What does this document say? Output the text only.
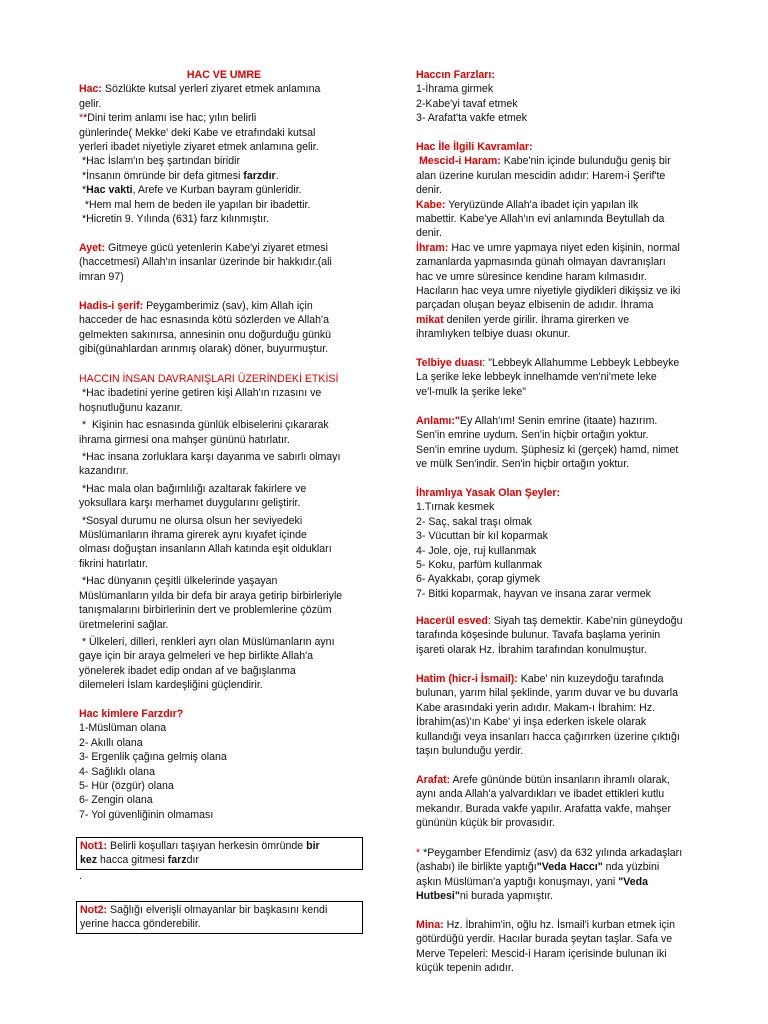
HAC VE UMRE
Hac: Sözlükte kutsal yerleri ziyaret etmek anlamına
gelir.
**Dini terim anlamı ise hac; yılın belirli
günlerinde( Mekke' deki Kabe ve etrafındaki kutsal
yerleri ibadet niyetiyle ziyaret etmek anlamına gelir.
*Hac İslam'ın beş şartından biridir
*İnsanın ömründe bir defa gitmesi farzdır.
*Hac vakti, Arefe ve Kurban bayram günleridir.
*Hem mal hem de beden ile yapılan bir ibadettir.
*Hicretin 9. Yılında (631) farz kılınmıştır.
Ayet: Gitmeye gücü yetenlerin Kabe'yi ziyaret etmesi
(haccetmesi) Allah'ın insanlar üzerinde bir hakkıdır.(ali
imran 97)
Hadis-i şerif: Peygamberimiz (sav), kim Allah için
hacceder de hac esnasında kötü sözlerden ve Allah'a
gelmekten sakınırsa, annesinin onu doğurduğu günkü
gibi(günahlardan arınmış olarak) döner, buyurmuştur.
HACCIN İNSAN DAVRANIŞLARI ÜZERİNDEKİ ETKİSİ
*Hac ibadetini yerine getiren kişi Allah'ın rızasını ve
hoşnutluğunu kazanır.
*  Kişinin hac esnasında günlük elbiselerini çıkararak
ihrama girmesi ona mahşer gününü hatırlatır.
*Hac insana zorluklara karşı dayanma ve sabırlı olmayı
kazandırır.
*Hac mala olan bağımlılığı azaltarak fakirlere ve
yoksullara karşı merhamet duygularını geliştirir.
*Sosyal durumu ne olursa olsun her seviyedeki
Müslümanların ihrama girerek aynı kıyafet içinde
olması doğuştan insanların Allah katında eşit oldukları
fikrini hatırlatır.
*Hac dünyanın çeşitli ülkelerinde yaşayan
Müslümanların yılda bir defa bir araya getirip birbirleriyle
tanışmalarını birbirlerinin dert ve problemlerine çözüm
üretmelerini sağlar.
* Ülkeleri, dilleri, renkleri ayrı olan Müslümanların aynı
gaye için bir araya gelmeleri ve hep birlikte Allah'a
yönelerek ibadet edip ondan af ve bağışlanma
dilemeleri İslam kardeşliğini güçlendirir.
Hac kimlere Farzdır?
1-Müslüman olana
2- Akıllı olana
3- Ergenlik çağına gelmiş olana
4- Sağlıklı olana
5- Hür (özgür) olana
6- Zengin olana
7- Yol güvenliğinin olmaması
Not1: Belirli koşulları taşıyan herkesin ömründe bir
kez hacca gitmesi farzdır
.
Not2: Sağlığı elverişli olmayanlar bir başkasını kendi
yerine hacca gönderebilir.
Haccın Farzları:
1-İhrama girmek
2-Kabe'yi tavaf etmek
3- Arafat'ta vakfe etmek
Hac İle İlgili Kavramlar:
Mescid-i Haram: Kabe'nin içinde bulunduğu geniş bir
alan üzerine kurulan mescidin adıdır: Harem-i Şerif'te
denir.
Kabe: Yeryüzünde Allah'a ibadet için yapılan ilk
mabettir. Kabe'ye Allah'ın evi anlamında Beytullah da
denir.
İhram: Hac ve umre yapmaya niyet eden kişinin, normal
zamanlarda yapmasında günah olmayan davranışları
hac ve umre süresince kendine haram kılmasıdır.
Hacıların hac veya umre niyetiyle giydikleri dikişsiz ve iki
parçadan oluşan beyaz elbisenin de adıdır. İhrama
mikat denilen yerde girilir. İhrama girerken ve
ihramlıyken telbiye duası okunur.
Telbiye duası: "Lebbeyk Allahumme Lebbeyk Lebbeyke
La şerike leke lebbeyk innelhamde ven'ni'mete leke
ve'l-mulk la şerike leke"
Anlamı:"Ey Allah'ım! Senin emrine (itaate) hazırım.
Sen'in emrine uydum. Sen'in hiçbir ortağın yoktur.
Sen'in emrine uydum. Şüphesiz ki (gerçek) hamd, nimet
ve mülk Sen'indir. Sen'in hiçbir ortağın yoktur.
İhramlıya Yasak Olan Şeyler:
1.Tırnak kesmek
2- Saç, sakal traşı olmak
3- Vücuttan bir kıl koparmak
4- Jole, oje, ruj kullanmak
5- Koku, parfüm kullanmak
6- Ayakkabı, çorap giymek
7- Bitki koparmak, hayvan ve insana zarar vermek
Hacerül esved: Siyah taş demektir. Kabe'nin güneydoğu
tarafında köşesinde bulunur. Tavafa başlama yerinin
işareti olarak Hz. İbrahim tarafından konulmuştur.
Hatim (hicr-i İsmail): Kabe' nin kuzeydoğu tarafında
bulunan, yarım hilal şeklinde, yarım duvar ve bu duvarla
Kabe arasındaki yerin adıdır. Makam-ı İbrahim: Hz.
İbrahim(as)'ın Kabe' yi inşa ederken iskele olarak
kullandığı veya insanları hacca çağırırken üzerine çıktığı
taşın bulunduğu yerdir.
Arafat: Arefe gününde bütün insanların ihramlı olarak,
aynı anda Allah'a yalvardıkları ve ibadet ettikleri kutlu
mekandır. Burada vakfe yapılır. Arafatta vakfe, mahşer
gününün küçük bir provasıdır.
* *Peygamber Efendimiz (asv) da 632 yılında arkadaşları
(ashabı) ile birlikte yaptığı"Veda Haccı" nda yüzbini
aşkın Müslüman'a yaptığı konuşmayı, yani "Veda
Hutbesi"ni burada yapmıştır.
Mina: Hz. İbrahim'in, oğlu hz. İsmail'i kurban etmek için
götürdüğü yerdir. Hacılar burada şeytan taşlar. Safa ve
Merve Tepeleri: Mescid-i Haram içerisinde bulunan iki
küçük tepenin adıdır.
